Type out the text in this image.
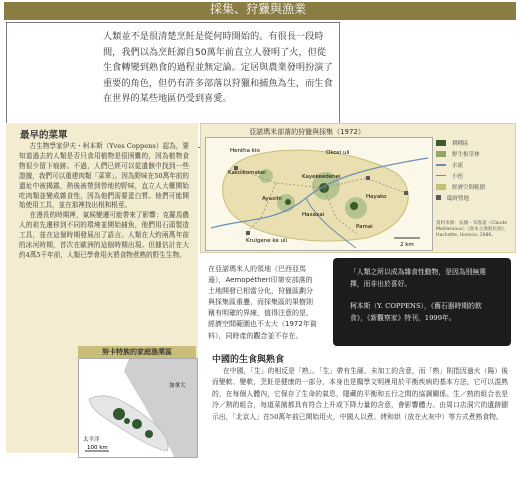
採集、狩獵與漁業
人類並不是很清楚烹飪是從何時開始的。有很長一段時間，我們以為烹飪源自50萬年前直立人發明了火，但從生食轉變到熟食的過程並無定論。定居與農業發明扮演了重要的角色，但仍有許多部落以狩獵和捕魚為生，而生食在世界的某些地區仍受到喜愛。
最早的菜單

古生物學家伊夫・柯本斯（Yves Coppens）認為，要知道過去的人類是否只食用植物是很困難的，因為植物食物很少留下痕跡。不過，人們已經可以從遺骸中找到一些證據，我們可以重建肉類「菜單」。因為野味在50萬年前的遺址中被揭露，熱後被帶到營地的野味，直立人大概開始吃肉類並變成雜食性，因為他們需要蛋白質。他們可能開始使用工具，並在那裡找出根和根莖。

在漫長的時期裡，氣候變遷可能帶來了影響：克羅馬儂人的祖先遷移到不同的環境並開始捕魚，他們用石頭製造工具，並在這個時期發展出了語言。人類在大約兩萬年前的冰河時期，首次在歐洲的這個時期出現。但據估計在大約4萬5千年前，人類已學會用火將食物煮熟的野生生物。

亞諾瑪米部落的狩獵與採集（1972）
Hentha kio	Okoxi uii
Kakoikomakei
Kayekeedenei
Krulgene ke uii
Hayako
Haxaxai
Pamai
Ayaxihi
2 km
耕種區
野生根莖林
水流
小徑
經濟空間範圍
臨時營地
資料來源：法國－布魯諾（Claude Meillassoux）《資本主義與民族》，Hachette, Unesco, 1986。
在亞諾瑪米人的領地（巴西亞馬遜），Aemopétheri印第安部落的土地開發已相當分化，狩獵區劃分與採集區重疊，而採集區的果樹則稱有明確的界線，值得注意的是，經濟空間範圍也不太大（1972年資料），同時產的觀念並不存在。
「人類之所以成為雜食性動物，是因為別無選擇，而非出於喜好。
柯本斯（Y. COPPENS），《舊石器時期的飲食》，《新觀察家》特刊，1999年。
努卡特族的家庭漁業區
加拿大
太平洋
100 km
中國的生食與熟食

在中國，「生」的相反是「熟」。「生」帶有生硬、未加工的含意，而「熟」則指因過火（陽）後而變軟、變軟，烹飪是健康的一部分，本身也是醫學文明裡用於平衡疾病的基本方法，它可以混熟的，在每個人體內，它保存了生命的氣息，隱藏的平衡和五行之間的協調關係。生／熟的組合也是冷／熱的組合，每道菜餚都具有符合上升或下降力量的含意，會影響體力。由周口店洞穴的遺跡顯示出，「北京人」在50萬年前已開始用火，中國人以煮、烤和烘（放在火灰中）等方式煮熟食物。
